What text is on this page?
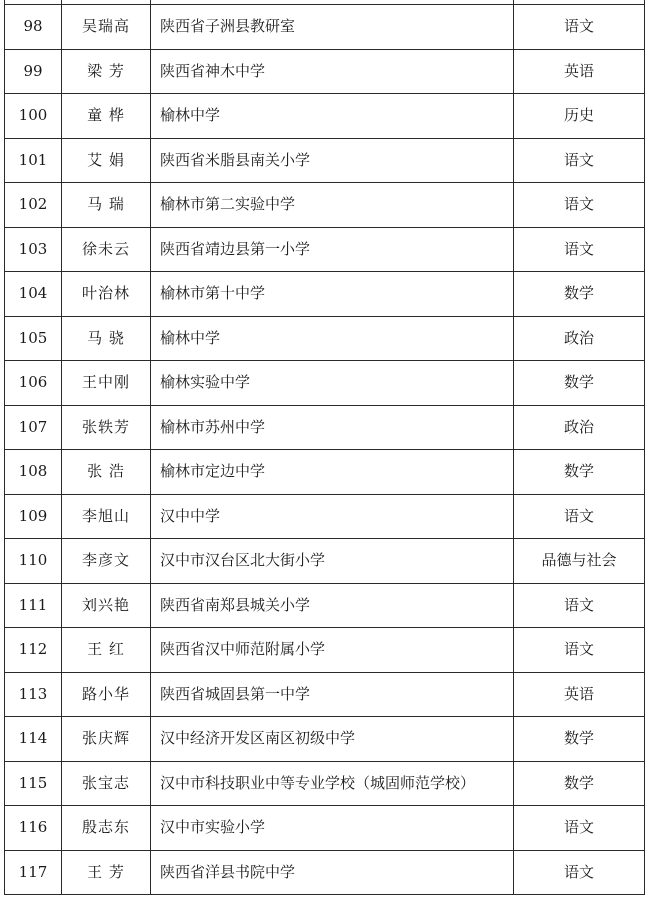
98	吴瑞高	陕西省子洲县教研室	语文
99	梁 芳	陕西省神木中学	英语
100	童 桦	榆林中学	历史
101	艾 娟	陕西省米脂县南关小学	语文
102	马 瑞	榆林市第二实验中学	语文
103	徐未云	陕西省靖边县第一小学	语文
104	叶治林	榆林市第十中学	数学
105	马 骁	榆林中学	政治
106	王中刚	榆林实验中学	数学
107	张轶芳	榆林市苏州中学	政治
108	张 浩	榆林市定边中学	数学
109	李旭山	汉中中学	语文
110	李彦文	汉中市汉台区北大街小学	品德与社会
111	刘兴艳	陕西省南郑县城关小学	语文
112	王 红	陕西省汉中师范附属小学	语文
113	路小华	陕西省城固县第一中学	英语
114	张庆辉	汉中经济开发区南区初级中学	数学
115	张宝志	汉中市科技职业中等专业学校（城固师范学校）	数学
116	殷志东	汉中市实验小学	语文
117	王 芳	陕西省洋县书院中学	语文
